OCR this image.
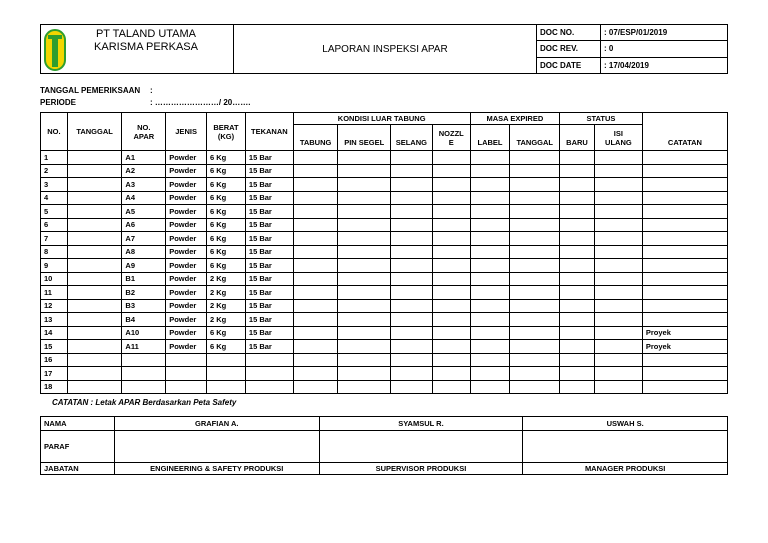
PT TALAND UTAMA
KARISMA PERKASA	LAPORAN INSPEKSI APAR	DOC NO.	: 07/ESP/01/2019
		DOC REV.	: 0
		DOC DATE	: 17/04/2019
TANGGAL PEMERIKSAAN :
PERIODE	: ……………………/ 20…….
NO.	TANGGAL	NO. APAR	JENIS	BERAT (KG)	TEKANAN	KONDISI LUAR TABUNG				MASA EXPIRED		STATUS		CATATAN
						TABUNG	PIN SEGEL	SELANG	NOZZL E	LABEL	TANGGAL	BARU	ISI ULANG	
1		A1	Powder	6 Kg	15 Bar									
2		A2	Powder	6 Kg	15 Bar									
3		A3	Powder	6 Kg	15 Bar									
4		A4	Powder	6 Kg	15 Bar									
5		A5	Powder	6 Kg	15 Bar									
6		A6	Powder	6 Kg	15 Bar									
7		A7	Powder	6 Kg	15 Bar									
8		A8	Powder	6 Kg	15 Bar									
9		A9	Powder	6 Kg	15 Bar									
10		B1	Powder	2 Kg	15 Bar									
11		B2	Powder	2 Kg	15 Bar									
12		B3	Powder	2 Kg	15 Bar									
13		B4	Powder	2 Kg	15 Bar									
14		A10	Powder	6 Kg	15 Bar									Proyek
15		A11	Powder	6 Kg	15 Bar									Proyek
16														
17														
18														
CATATAN : Letak APAR Berdasarkan Peta Safety
NAMA	GRAFIAN A.	SYAMSUL R.	USWAH S.
PARAF			
JABATAN	ENGINEERING & SAFETY PRODUKSI	SUPERVISOR PRODUKSI	MANAGER PRODUKSI
